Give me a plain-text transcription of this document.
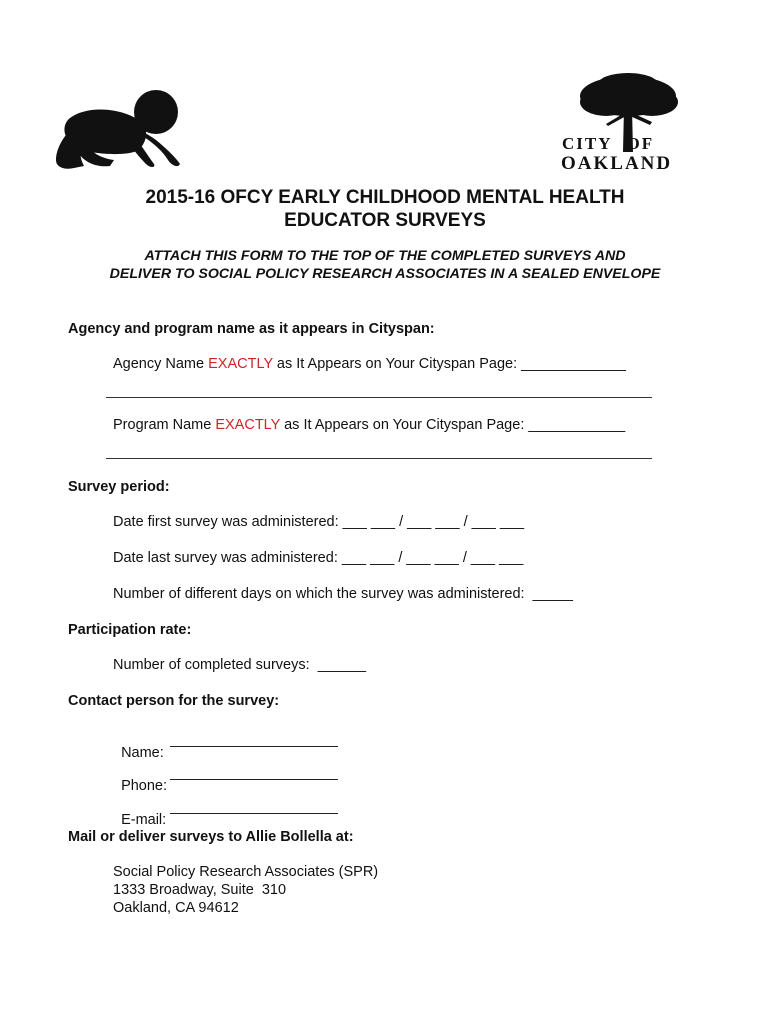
CITY OF
OAKLAND
2015-16 OFCY EARLY CHILDHOOD MENTAL HEALTH
EDUCATOR SURVEYS
ATTACH THIS FORM TO THE TOP OF THE COMPLETED SURVEYS AND
DELIVER TO SOCIAL POLICY RESEARCH ASSOCIATES IN A SEALED ENVELOPE
Agency and program name as it appears in Cityspan:
Agency Name EXACTLY as It Appears on Your Cityspan Page: _____________
Program Name EXACTLY as It Appears on Your Cityspan Page: ____________
Survey period:
Date first survey was administered: ___ ___ / ___ ___ / ___ ___
Date last survey was administered: ___ ___ / ___ ___ / ___ ___
Number of different days on which the survey was administered:  _____
Participation rate:
Number of completed surveys:  ______
Contact person for the survey:

Name:

Phone:

E-mail:

Mail or deliver surveys to Allie Bollella at:
Social Policy Research Associates (SPR)
1333 Broadway, Suite  310
Oakland, CA 94612
